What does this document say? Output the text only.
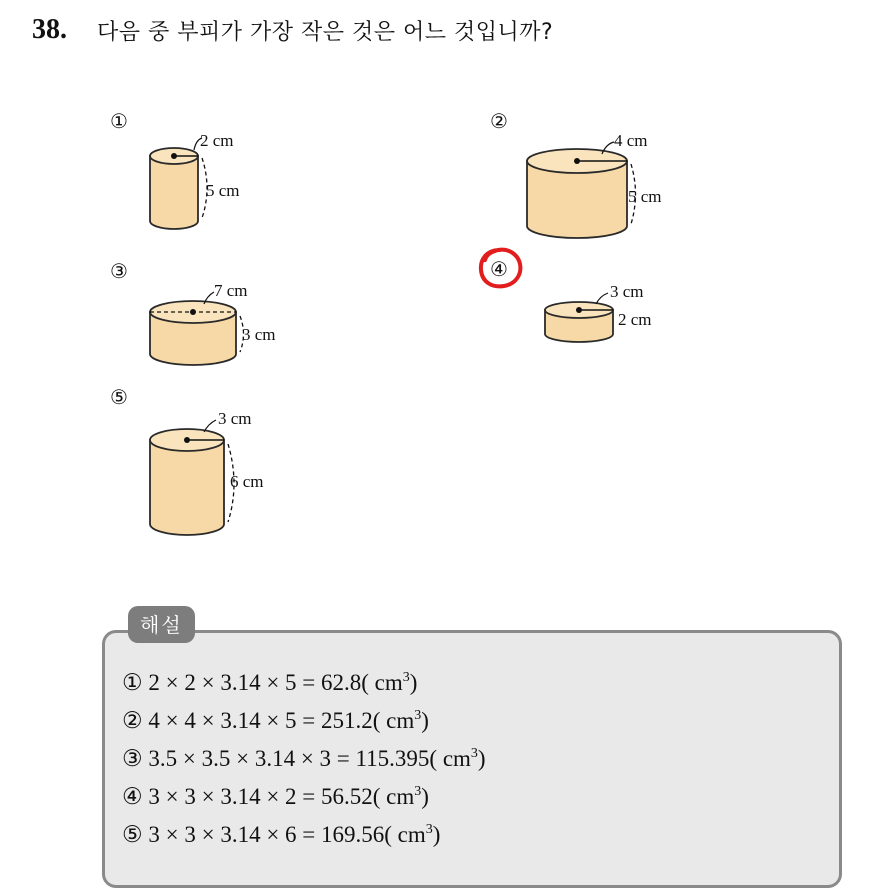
38. 다음 중 부피가 가장 작은 것은 어느 것입니까?
①
2 cm
5 cm
②
4 cm
5 cm
③
7 cm
3 cm
④
3 cm
2 cm
⑤
3 cm
6 cm
해설
① 2 × 2 × 3.14 × 5 = 62.8( $cm^3$)
② 4 × 4 × 3.14 × 5 = 251.2( $cm^3$)
③ 3.5 × 3.5 × 3.14 × 3 = 115.395( $cm^3$)
④ 3 × 3 × 3.14 × 2 = 56.52( $cm^3$)
⑤ 3 × 3 × 3.14 × 6 = 169.56( $cm^3$)
